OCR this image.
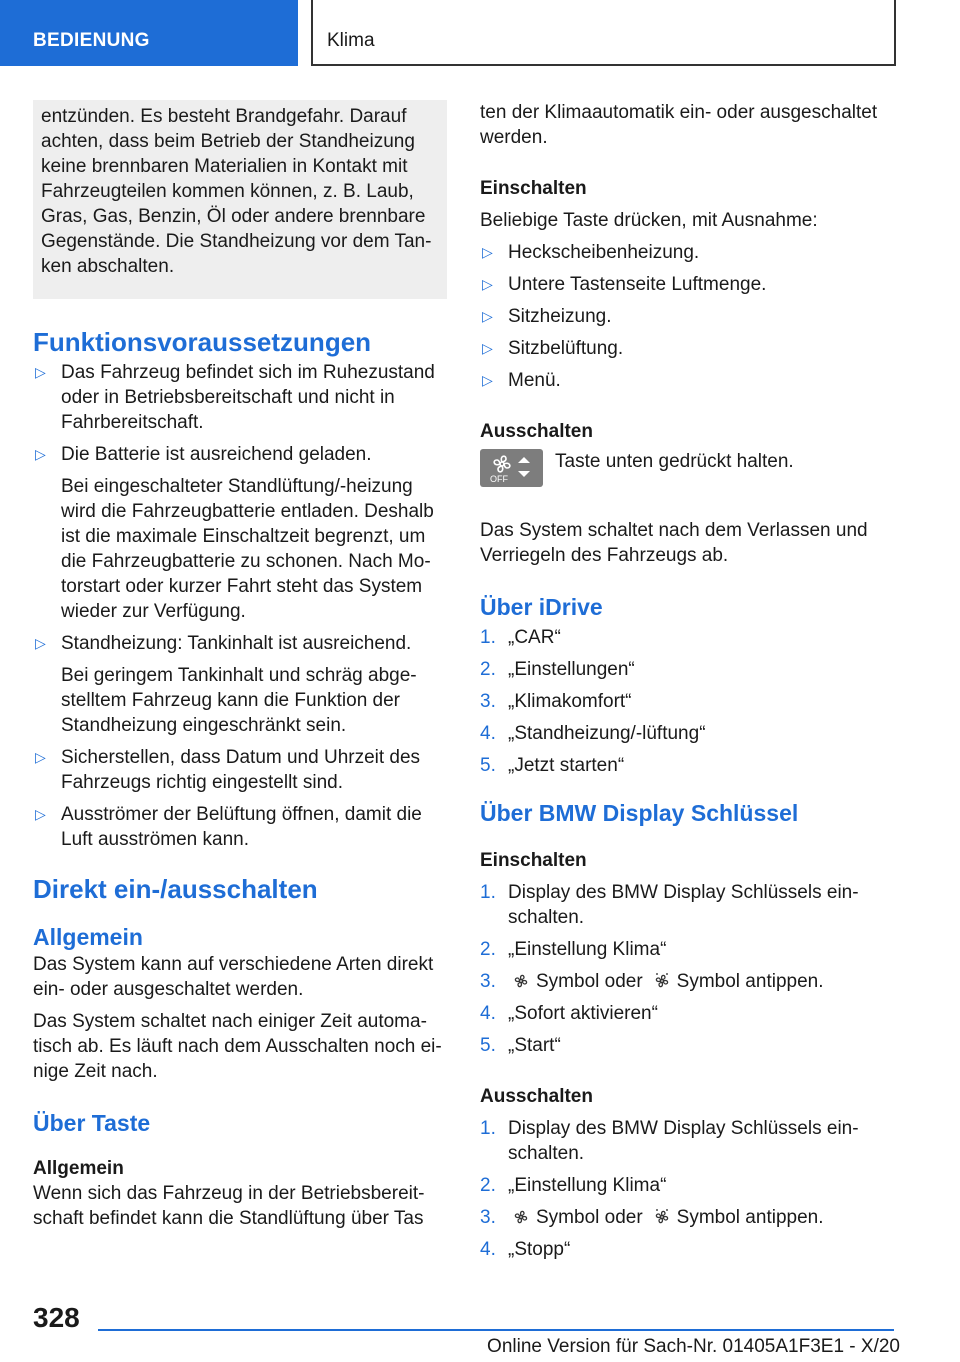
BEDIENUNG	Klima

entzünden. Es besteht Brandgefahr. Darauf achten, dass beim Betrieb der Standheizung keine brennbaren Materialien in Kontakt mit Fahrzeugteilen kommen können, z. B. Laub, Gras, Gas, Benzin, Öl oder andere brennbare Gegenstände. Die Standheizung vor dem Tanken abschalten.

Funktionsvoraussetzungen
▷ Das Fahrzeug befindet sich im Ruhezustand oder in Betriebsbereitschaft und nicht in Fahrbereitschaft.
▷ Die Batterie ist ausreichend geladen.
Bei eingeschalteter Standlüftung/-heizung wird die Fahrzeugbatterie entladen. Deshalb ist die maximale Einschaltzeit begrenzt, um die Fahrzeugbatterie zu schonen. Nach Motorstart oder kurzer Fahrt steht das System wieder zur Verfügung.
▷ Standheizung: Tankinhalt ist ausreichend.
Bei geringem Tankinhalt und schräg abgestelltem Fahrzeug kann die Funktion der Standheizung eingeschränkt sein.
▷ Sicherstellen, dass Datum und Uhrzeit des Fahrzeugs richtig eingestellt sind.
▷ Ausströmer der Belüftung öffnen, damit die Luft ausströmen kann.
Direkt ein-/ausschalten
Allgemein

Das System kann auf verschiedene Arten direkt ein- oder ausgeschaltet werden.

Das System schaltet nach einiger Zeit automatisch ab. Es läuft nach dem Ausschalten noch einige Zeit nach.

Über Taste
Allgemein

Wenn sich das Fahrzeug in der Betriebsbereitschaft befindet kann die Standlüftung über Tas

ten der Klimaautomatik ein- oder ausgeschaltet werden.

Einschalten

Beliebige Taste drücken, mit Ausnahme:

▷ Heckscheibenheizung.
▷ Untere Tastenseite Luftmenge.
▷ Sitzheizung.
▷ Sitzbelüftung.
▷ Menü.
Ausschalten
OFF

Taste unten gedrückt halten.

Das System schaltet nach dem Verlassen und Verriegeln des Fahrzeugs ab.

Über iDrive
1. „CAR“
2. „Einstellungen“
3. „Klimakomfort“
4. „Standheizung/-lüftung“
5. „Jetzt starten“
Über BMW Display Schlüssel
Einschalten
1. Display des BMW Display Schlüssels einschalten.
2. „Einstellung Klima“
3. Symbol oder Symbol antippen.
4. „Sofort aktivieren“
5. „Start“
Ausschalten
1. Display des BMW Display Schlüssels einschalten.
2. „Einstellung Klima“
3. Symbol oder Symbol antippen.
4. „Stopp“
328
Online Version für Sach-Nr. 01405A1F3E1 - X/20
